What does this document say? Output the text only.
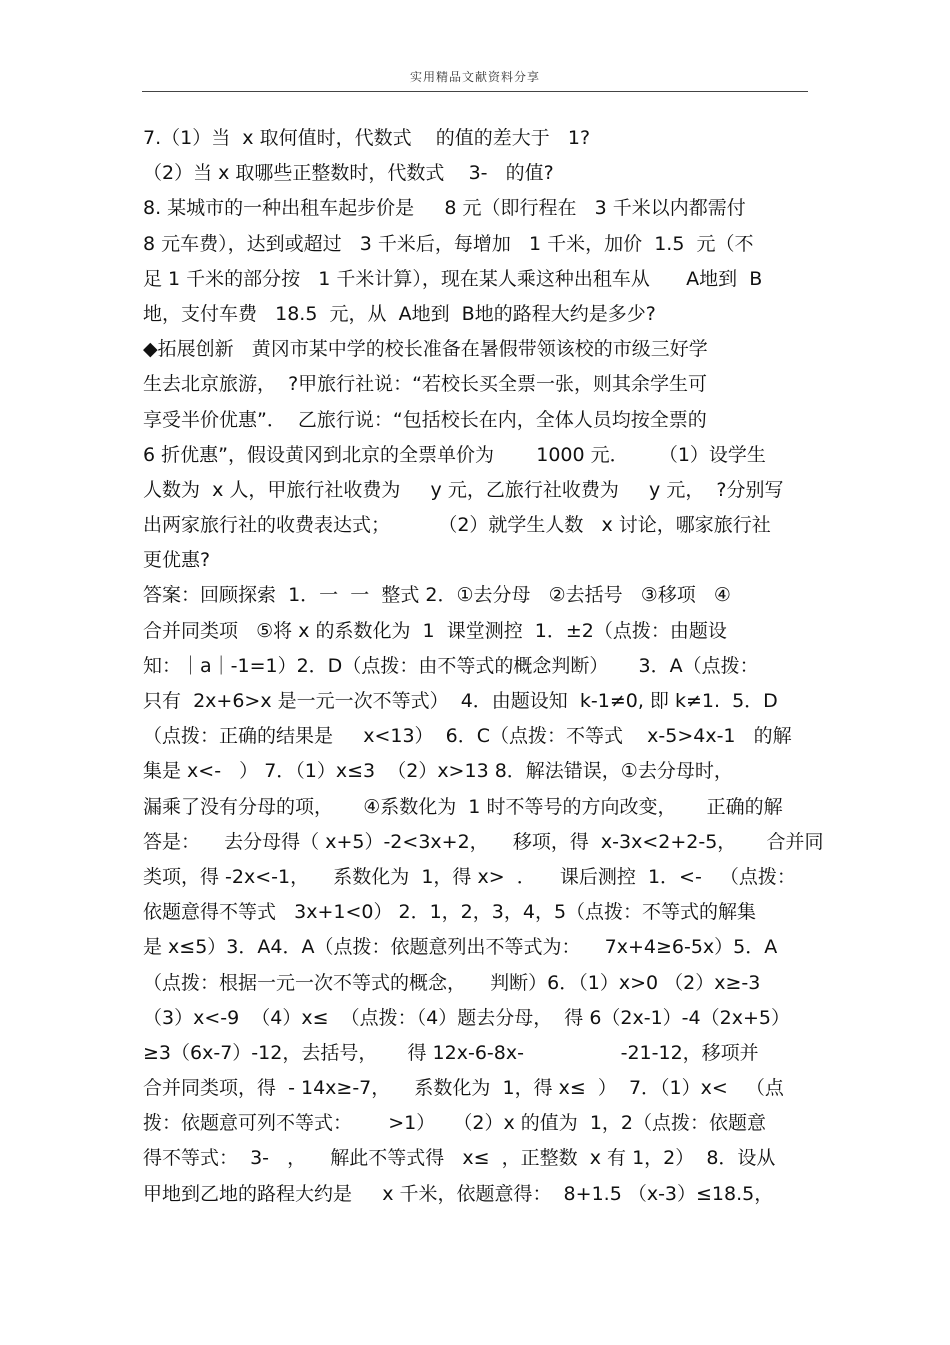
实用精品文献资料分享
7.（1）当  x 取何值时，代数式    的值的差大于   1?
（2）当 x 取哪些正整数时，代数式    3-   的值?
8. 某城市的一种出租车起步价是     8 元（即行程在   3 千米以内都需付
8 元车费），达到或超过   3 千米后，每增加   1 千米，加价  1.5  元（不
足 1 千米的部分按   1 千米计算），现在某人乘这种出租车从      A地到  B
地，支付车费   18.5  元，从  A地到  B地的路程大约是多少?
◆拓展创新   黄冈市某中学的校长准备在暑假带领该校的市级三好学
生去北京旅游，  ?甲旅行社说：“若校长买全票一张，则其余学生可
享受半价优惠”．  乙旅行说：“包括校长在内，全体人员均按全票的
6 折优惠”，假设黄冈到北京的全票单价为       1000 元．     （1）设学生
人数为  x 人，甲旅行社收费为     y 元，乙旅行社收费为     y 元，  ?分别写
出两家旅行社的收费表达式；        （2）就学生人数   x 讨论，哪家旅行社
更优惠?
答案：回顾探索  1．一  一  整式 2．①去分母   ②去括号   ③移项   ④
合并同类项   ⑤将 x 的系数化为  1  课堂测控  1．±2（点拨：由题设
知：｜a｜-1=1）2．D（点拨：由不等式的概念判断）     3．A（点拨：
只有  2x+6>x 是一元一次不等式）  4．由题设知  k-1≠0, 即 k≠1.  5．D
（点拨：正确的结果是     x<13）  6．C（点拨：不等式    x-5>4x-1   的解
集是 x<-   ） 7．（1）x≤3  （2）x>13 8．解法错误，①去分母时，
漏乘了没有分母的项，     ④系数化为  1 时不等号的方向改变，     正确的解
答是：    去分母得（ x+5）-2<3x+2，    移项，得  x-3x<2+2-5，     合并同
类项，得 -2x<-1，    系数化为  1，得 x>  ．    课后测控  1．<-   （点拨：
依题意得不等式   3x+1<0） 2．1，2，3，4，5（点拨：不等式的解集
是 x≤5）3．A4．A（点拨：依题意列出不等式为：    7x+4≥6-5x）5．A
（点拨：根据一元一次不等式的概念，    判断）6．（1）x>0 （2）x≥-3
（3）x<-9  （4）x≤  （点拨：（4）题去分母，  得 6（2x-1）-4（2x+5）
≥3（6x-7）-12，去括号，     得 12x-6-8x-                -21-12，移项并
合并同类项，得  - 14x≥-7，    系数化为  1，得 x≤  ）  7．（1）x<   （点
拨：依题意可列不等式：      >1）   （2）x 的值为  1，2（点拨：依题意
得不等式：  3-   ，    解此不等式得   x≤  ，正整数  x 有 1，2）  8．设从
甲地到乙地的路程大约是     x 千米，依题意得：  8+1.5 （x-3）≤18.5，
